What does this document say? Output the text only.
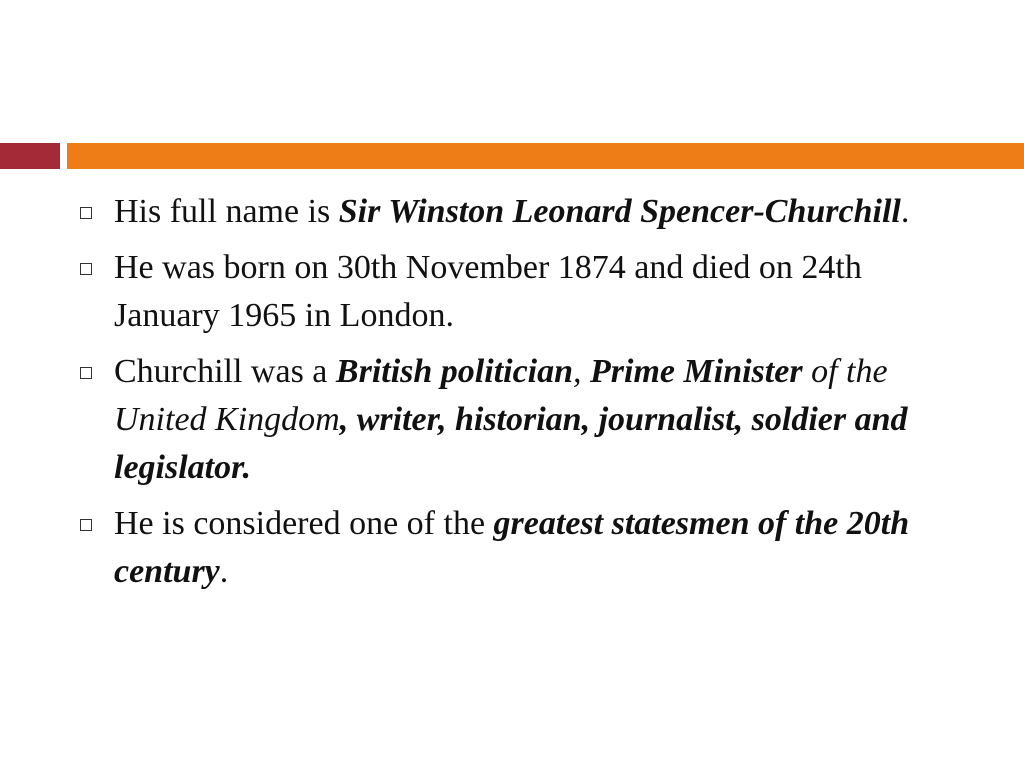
His full name is Sir Winston Leonard Spencer-Churchill.
He was born on 30th November 1874 and died on 24th January 1965 in London.
Churchill was a British politician, Prime Minister of the United Kingdom, writer, historian, journalist, soldier and legislator.
He is considered one of the greatest statesmen of the 20th century.
